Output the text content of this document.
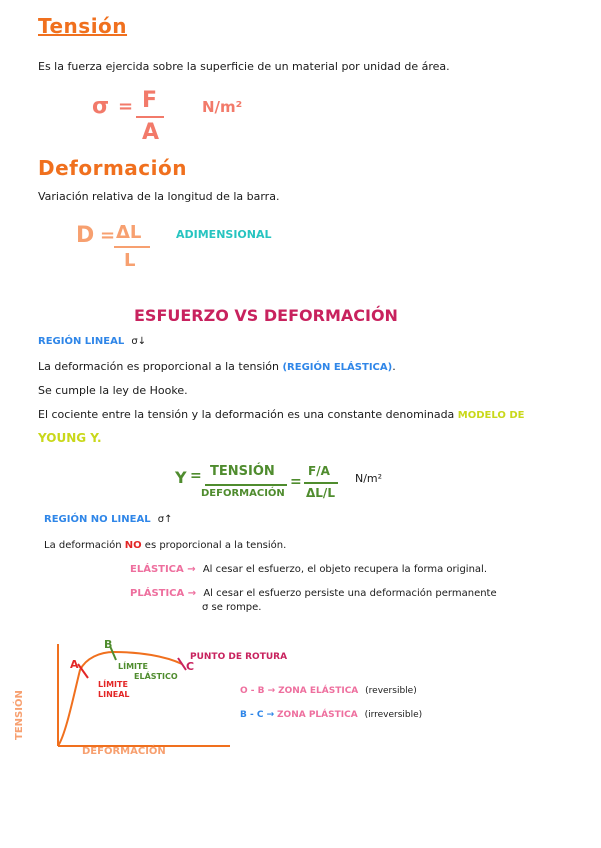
Tensión
Es la fuerza ejercida sobre la superficie de un material por unidad de área.
σ = F
A
N/m²
Deformación
Variación relativa de la longitud de la barra.
D = ΔL
L
ADIMENSIONAL
ESFUERZO VS DEFORMACIÓN
REGIÓN LINEAL σ↓
La deformación es proporcional a la tensión (REGIÓN ELÁSTICA).
Se cumple la ley de Hooke.
El cociente entre la tensión y la deformación es una constante denominada MODELO DE
YOUNG Y.
Y = TENSIÓN
DEFORMACIÓN
=
F/A
ΔL/L
N/m²
REGIÓN NO LINEAL σ↑
La deformación NO es proporcional a la tensión.
ELÁSTICA → Al cesar el esfuerzo, el objeto recupera la forma original.
PLÁSTICA → Al cesar el esfuerzo persiste una deformación permanente
σ se rompe.
TENSIÓN
DEFORMACIÓN
A
B
C
LÍMITE
LINEAL
LÍMITE
ELÁSTICO
PUNTO DE ROTURA
O - B → ZONA ELÁSTICA (reversible)
B - C → ZONA PLÁSTICA (irreversible)
